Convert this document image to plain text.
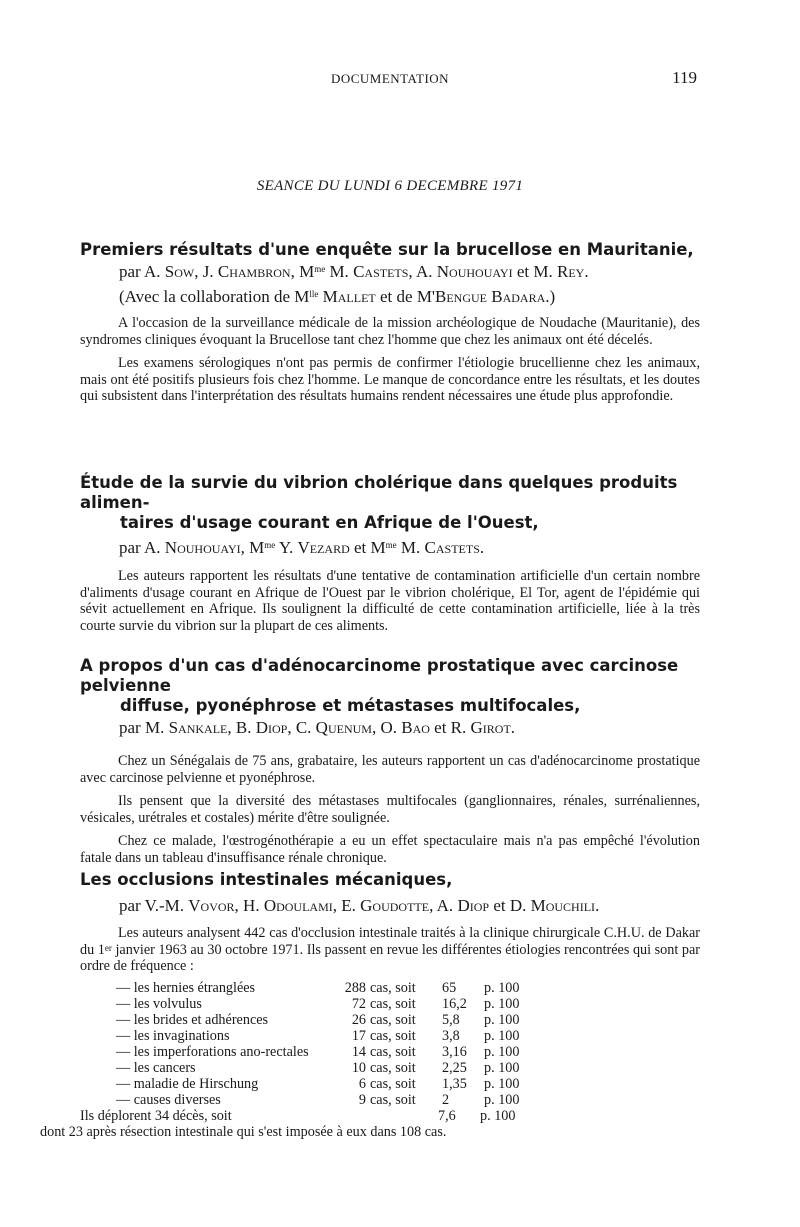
DOCUMENTATION	119
SEANCE DU LUNDI 6 DECEMBRE 1971
Premiers résultats d'une enquête sur la brucellose en Mauritanie,

par A. Sow, J. Chambron, $M^{me}$ M. Castets, A. Nouhouayi et M. Rey.

(Avec la collaboration de $M^{lle}$ Mallet et de M'Bengue Badara.)

A l'occasion de la surveillance médicale de la mission archéologique de Noudache (Mauritanie), des syndromes cliniques évoquant la Brucellose tant chez l'homme que chez les animaux ont été décelés.

Les examens sérologiques n'ont pas permis de confirmer l'étiologie brucellienne chez les animaux, mais ont été positifs plusieurs fois chez l'homme. Le manque de concordance entre les résultats, et les doutes qui subsistent dans l'interprétation des résultats humains rendent nécessaires une étude plus approfondie.

Étude de la survie du vibrion cholérique dans quelques produits alimen-
taires d'usage courant en Afrique de l'Ouest,

par A. Nouhouayi, $M^{me}$ Y. Vezard et $M^{me}$ M. Castets.

Les auteurs rapportent les résultats d'une tentative de contamination artificielle d'un certain nombre d'aliments d'usage courant en Afrique de l'Ouest par le vibrion cholérique, El Tor, agent de l'épidémie qui sévit actuellement en Afrique. Ils soulignent la difficulté de cette contamination artificielle, liée à la très courte survie du vibrion sur la plupart de ces aliments.

A propos d'un cas d'adénocarcinome prostatique avec carcinose pelvienne
diffuse, pyonéphrose et métastases multifocales,

par M. Sankale, B. Diop, C. Quenum, O. Bao et R. Girot.

Chez un Sénégalais de 75 ans, grabataire, les auteurs rapportent un cas d'adénocarcinome prostatique avec carcinose pelvienne et pyonéphrose.

Ils pensent que la diversité des métastases multifocales (ganglionnaires, rénales, surrénaliennes, vésicales, urétrales et costales) mérite d'être soulignée.

Chez ce malade, l'œstrogénothérapie a eu un effet spectaculaire mais n'a pas empêché l'évolution fatale dans un tableau d'insuffisance rénale chronique.

Les occlusions intestinales mécaniques,

par V.-M. Vovor, H. Odoulami, E. Goudotte, A. Diop et D. Mouchili.

Les auteurs analysent 442 cas d'occlusion intestinale traités à la clinique chirurgicale C.H.U. de Dakar du 1er janvier 1963 au 30 octobre 1971. Ils passent en revue les différentes étiologies rencontrées qui sont par ordre de fréquence :

— les hernies étranglées	288	cas, soit	65	p. 100
— les volvulus	72	cas, soit	16,2	p. 100
— les brides et adhérences	26	cas, soit	5,8	p. 100
— les invaginations	17	cas, soit	3,8	p. 100
— les imperforations ano-rectales	14	cas, soit	3,16	p. 100
— les cancers	10	cas, soit	2,25	p. 100
— maladie de Hirschung	6	cas, soit	1,35	p. 100
— causes diverses	9	cas, soit	2	p. 100
Ils déplorent 34 décès, soit	7,6	p. 100

dont 23 après résection intestinale qui s'est imposée à eux dans 108 cas.
